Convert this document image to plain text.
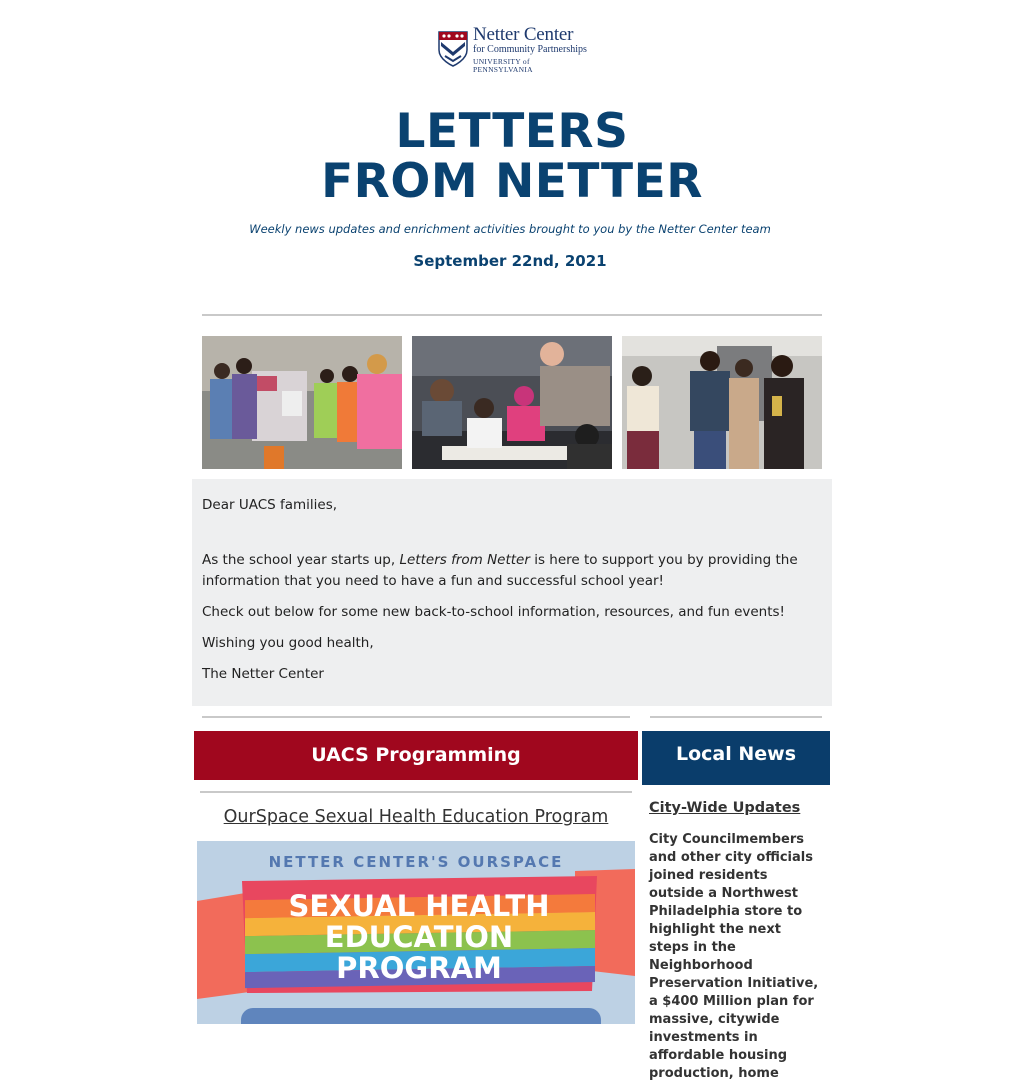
Netter Center
for Community Partnerships
UNIVERSITY of PENNSYLVANIA
LETTERS
FROM NETTER
Weekly news updates and enrichment activities brought to you by the Netter Center team
September 22nd, 2021

Dear UACS families,

As the school year starts up, Letters from Netter is here to support you by providing the information that you need to have a fun and successful school year!

Check out below for some new back-to-school information, resources, and fun events!

Wishing you good health,

The Netter Center

UACS Programming
OurSpace Sexual Health Education Program
NETTER CENTER'S OURSPACE
SEXUAL HEALTH
EDUCATION
PROGRAM
Local News
City-Wide Updates
City Councilmembers and other city officials joined residents outside a Northwest Philadelphia store to highlight the next steps in the Neighborhood Preservation Initiative, a $400 Million plan for massive, citywide investments in affordable housing production, home
